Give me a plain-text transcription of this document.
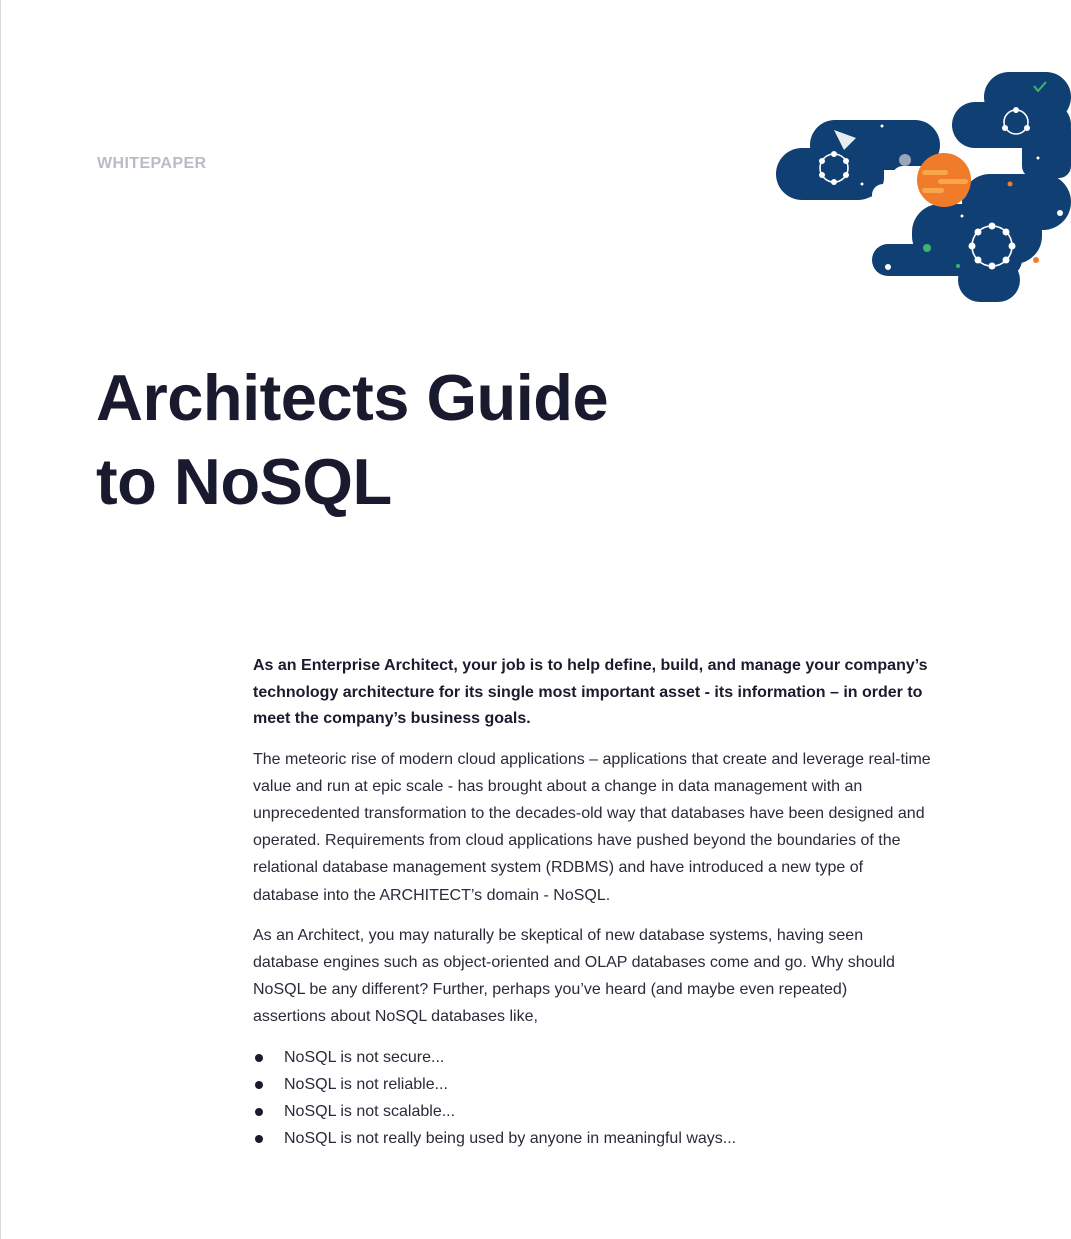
WHITEPAPER

Architects Guide
to NoSQL

As an Enterprise Architect, your job is to help define, build, and manage your company’s technology architecture for its single most important asset - its information – in order to meet the company’s business goals.

The meteoric rise of modern cloud applications – applications that create and leverage real-time value and run at epic scale - has brought about a change in data management with an unprecedented transformation to the decades-old way that databases have been designed and operated. Requirements from cloud applications have pushed beyond the boundaries of the relational database management system (RDBMS) and have introduced a new type of database into the ARCHITECT’s domain - NoSQL.

As an Architect, you may naturally be skeptical of new database systems, having seen database engines such as object-oriented and OLAP databases come and go. Why should NoSQL be any different? Further, perhaps you’ve heard (and maybe even repeated) assertions about NoSQL databases like,

NoSQL is not secure...
NoSQL is not reliable...
NoSQL is not scalable...
NoSQL is not really being used by anyone in meaningful ways...
